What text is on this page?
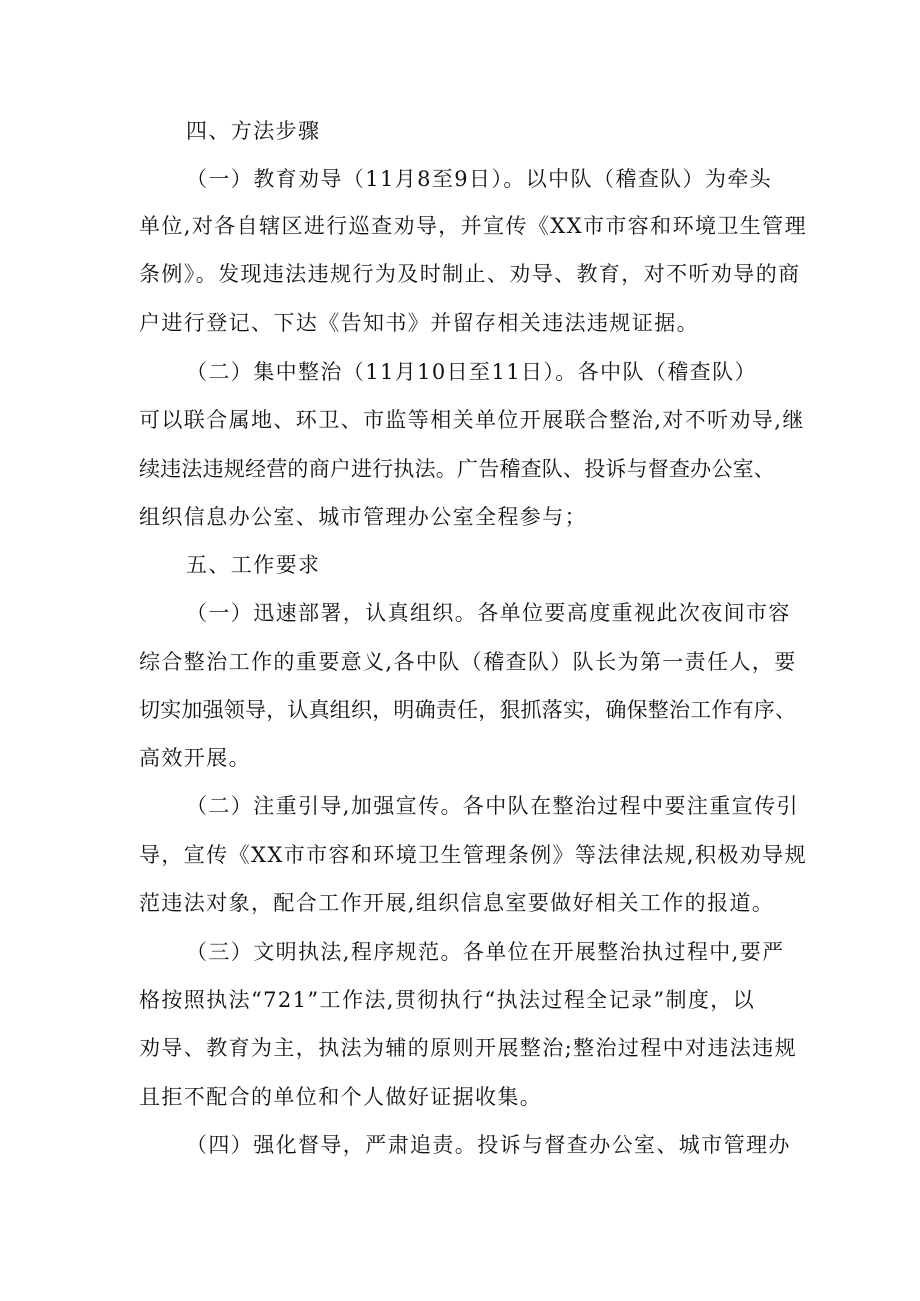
四、方法步骤
（一）教育劝导（11月8至9日）。以中队（稽查队）为牵头
单位,对各自辖区进行巡查劝导，并宣传《XX市市容和环境卫生管理
条例》。发现违法违规行为及时制止、劝导、教育，对不听劝导的商
户进行登记、下达《告知书》并留存相关违法违规证据。
（二）集中整治（11月10日至11日）。各中队（稽查队）
可以联合属地、环卫、市监等相关单位开展联合整治,对不听劝导,继
续违法违规经营的商户进行执法。广告稽查队、投诉与督查办公室、
组织信息办公室、城市管理办公室全程参与；
五、工作要求
（一）迅速部署，认真组织。各单位要高度重视此次夜间市容
综合整治工作的重要意义,各中队（稽查队）队长为第一责任人，要
切实加强领导，认真组织，明确责任，狠抓落实，确保整治工作有序、
高效开展。
（二）注重引导,加强宣传。各中队在整治过程中要注重宣传引
导，宣传《XX市市容和环境卫生管理条例》等法律法规,积极劝导规
范违法对象，配合工作开展,组织信息室要做好相关工作的报道。
（三）文明执法,程序规范。各单位在开展整治执过程中,要严
格按照执法“721”工作法,贯彻执行“执法过程全记录”制度，以
劝导、教育为主，执法为辅的原则开展整治;整治过程中对违法违规
且拒不配合的单位和个人做好证据收集。
（四）强化督导，严肃追责。投诉与督查办公室、城市管理办
